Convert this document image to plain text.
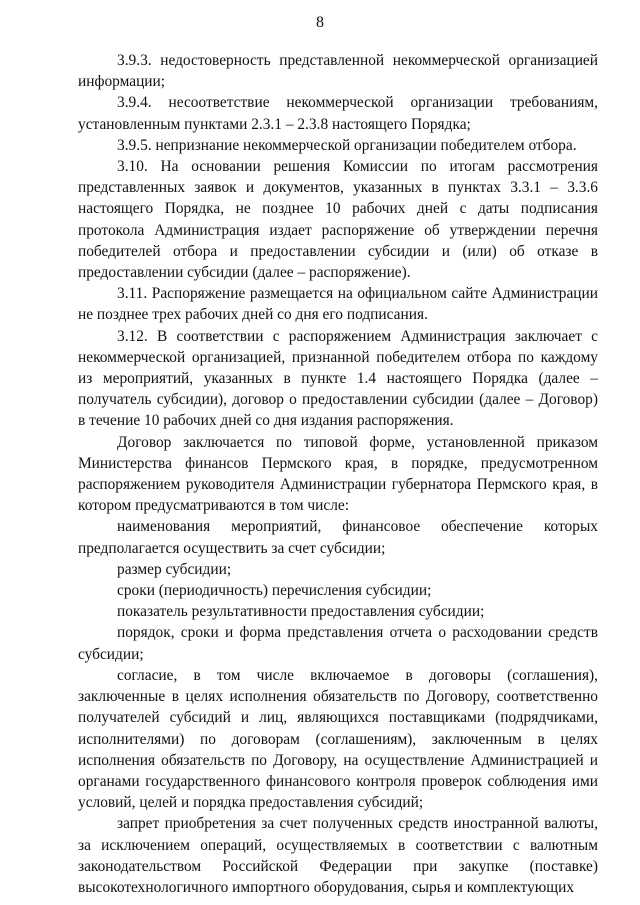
8

3.9.3. недостоверность представленной некоммерческой организацией информации;

3.9.4. несоответствие некоммерческой организации требованиям, установленным пунктами 2.3.1 – 2.3.8 настоящего Порядка;

3.9.5. непризнание некоммерческой организации победителем отбора.

3.10. На основании решения Комиссии по итогам рассмотрения представленных заявок и документов, указанных в пунктах 3.3.1 – 3.3.6 настоящего Порядка, не позднее 10 рабочих дней с даты подписания протокола Администрация издает распоряжение об утверждении перечня победителей отбора и предоставлении субсидии и (или) об отказе в предоставлении субсидии (далее – распоряжение).

3.11. Распоряжение размещается на официальном сайте Администрации не позднее трех рабочих дней со дня его подписания.

3.12. В соответствии с распоряжением Администрация заключает с некоммерческой организацией, признанной победителем отбора по каждому из мероприятий, указанных в пункте 1.4 настоящего Порядка (далее – получатель субсидии), договор о предоставлении субсидии (далее – Договор) в течение 10 рабочих дней со дня издания распоряжения.

Договор заключается по типовой форме, установленной приказом Министерства финансов Пермского края, в порядке, предусмотренном распоряжением руководителя Администрации губернатора Пермского края, в котором предусматриваются в том числе:

наименования мероприятий, финансовое обеспечение которых предполагается осуществить за счет субсидии;

размер субсидии;

сроки (периодичность) перечисления субсидии;

показатель результативности предоставления субсидии;

порядок, сроки и форма представления отчета о расходовании средств субсидии;

согласие, в том числе включаемое в договоры (соглашения), заключенные в целях исполнения обязательств по Договору, соответственно получателей субсидий и лиц, являющихся поставщиками (подрядчиками, исполнителями) по договорам (соглашениям), заключенным в целях исполнения обязательств по Договору, на осуществление Администрацией и органами государственного финансового контроля проверок соблюдения ими условий, целей и порядка предоставления субсидий;

запрет приобретения за счет полученных средств иностранной валюты, за исключением операций, осуществляемых в соответствии с валютным законодательством Российской Федерации при закупке (поставке) высокотехнологичного импортного оборудования, сырья и комплектующих
